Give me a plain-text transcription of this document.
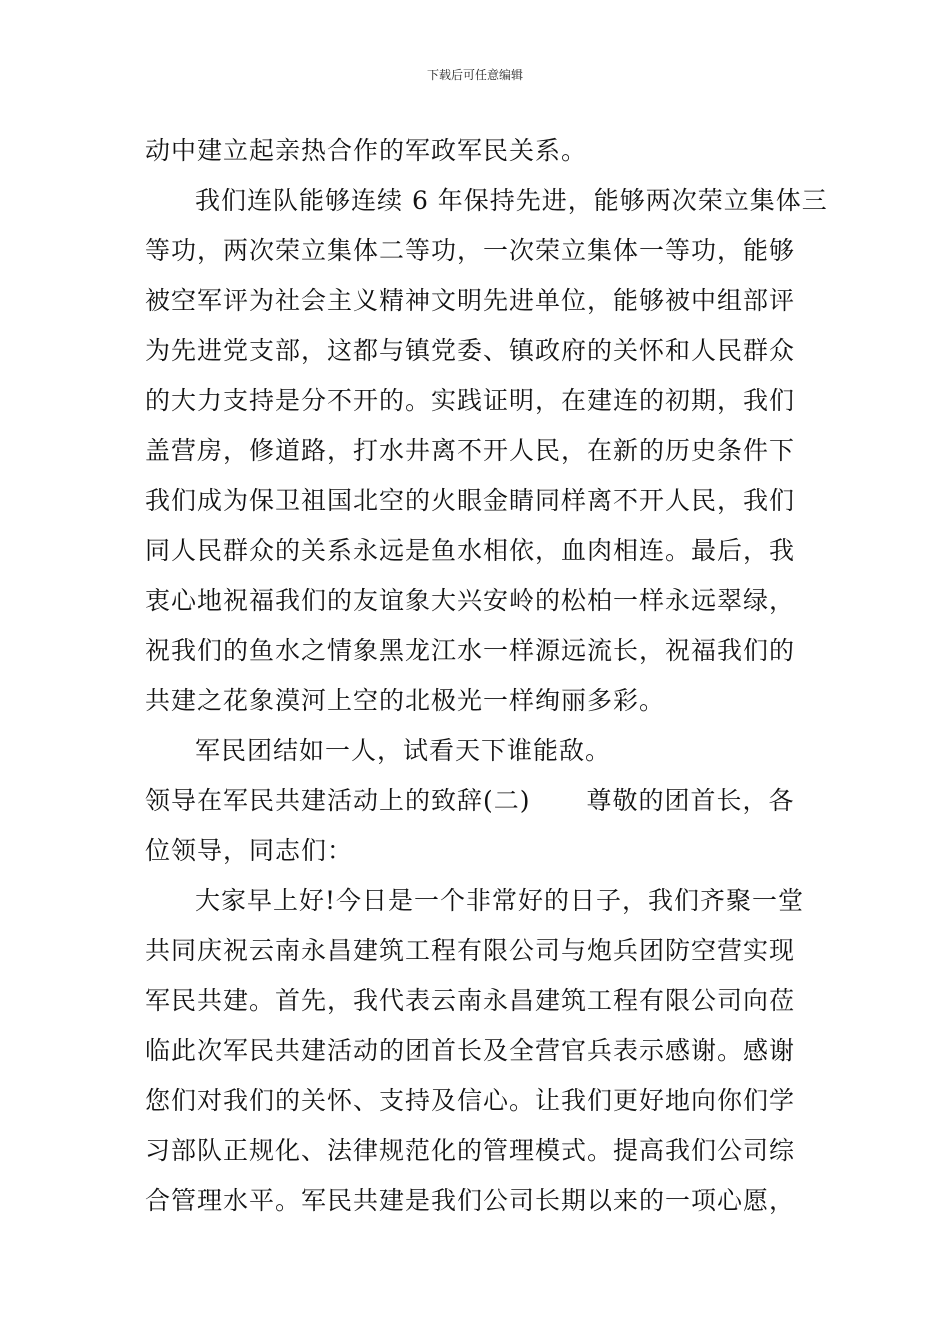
下载后可任意编辑
动中建立起亲热合作的军政军民关系。
我们连队能够连续 6 年保持先进，能够两次荣立集体三
等功，两次荣立集体二等功，一次荣立集体一等功，能够
被空军评为社会主义精神文明先进单位，能够被中组部评
为先进党支部，这都与镇党委、镇政府的关怀和人民群众
的大力支持是分不开的。实践证明，在建连的初期，我们
盖营房，修道路，打水井离不开人民，在新的历史条件下
我们成为保卫祖国北空的火眼金睛同样离不开人民，我们
同人民群众的关系永远是鱼水相依，血肉相连。最后，我
衷心地祝福我们的友谊象大兴安岭的松柏一样永远翠绿，
祝我们的鱼水之情象黑龙江水一样源远流长，祝福我们的
共建之花象漠河上空的北极光一样绚丽多彩。
军民团结如一人，试看天下谁能敌。
领导在军民共建活动上的致辞(二) 尊敬的团首长，各
位领导，同志们：
大家早上好!今日是一个非常好的日子，我们齐聚一堂
共同庆祝云南永昌建筑工程有限公司与炮兵团防空营实现
军民共建。首先，我代表云南永昌建筑工程有限公司向莅
临此次军民共建活动的团首长及全营官兵表示感谢。感谢
您们对我们的关怀、支持及信心。让我们更好地向你们学
习部队正规化、法律规范化的管理模式。提高我们公司综
合管理水平。军民共建是我们公司长期以来的一项心愿，
